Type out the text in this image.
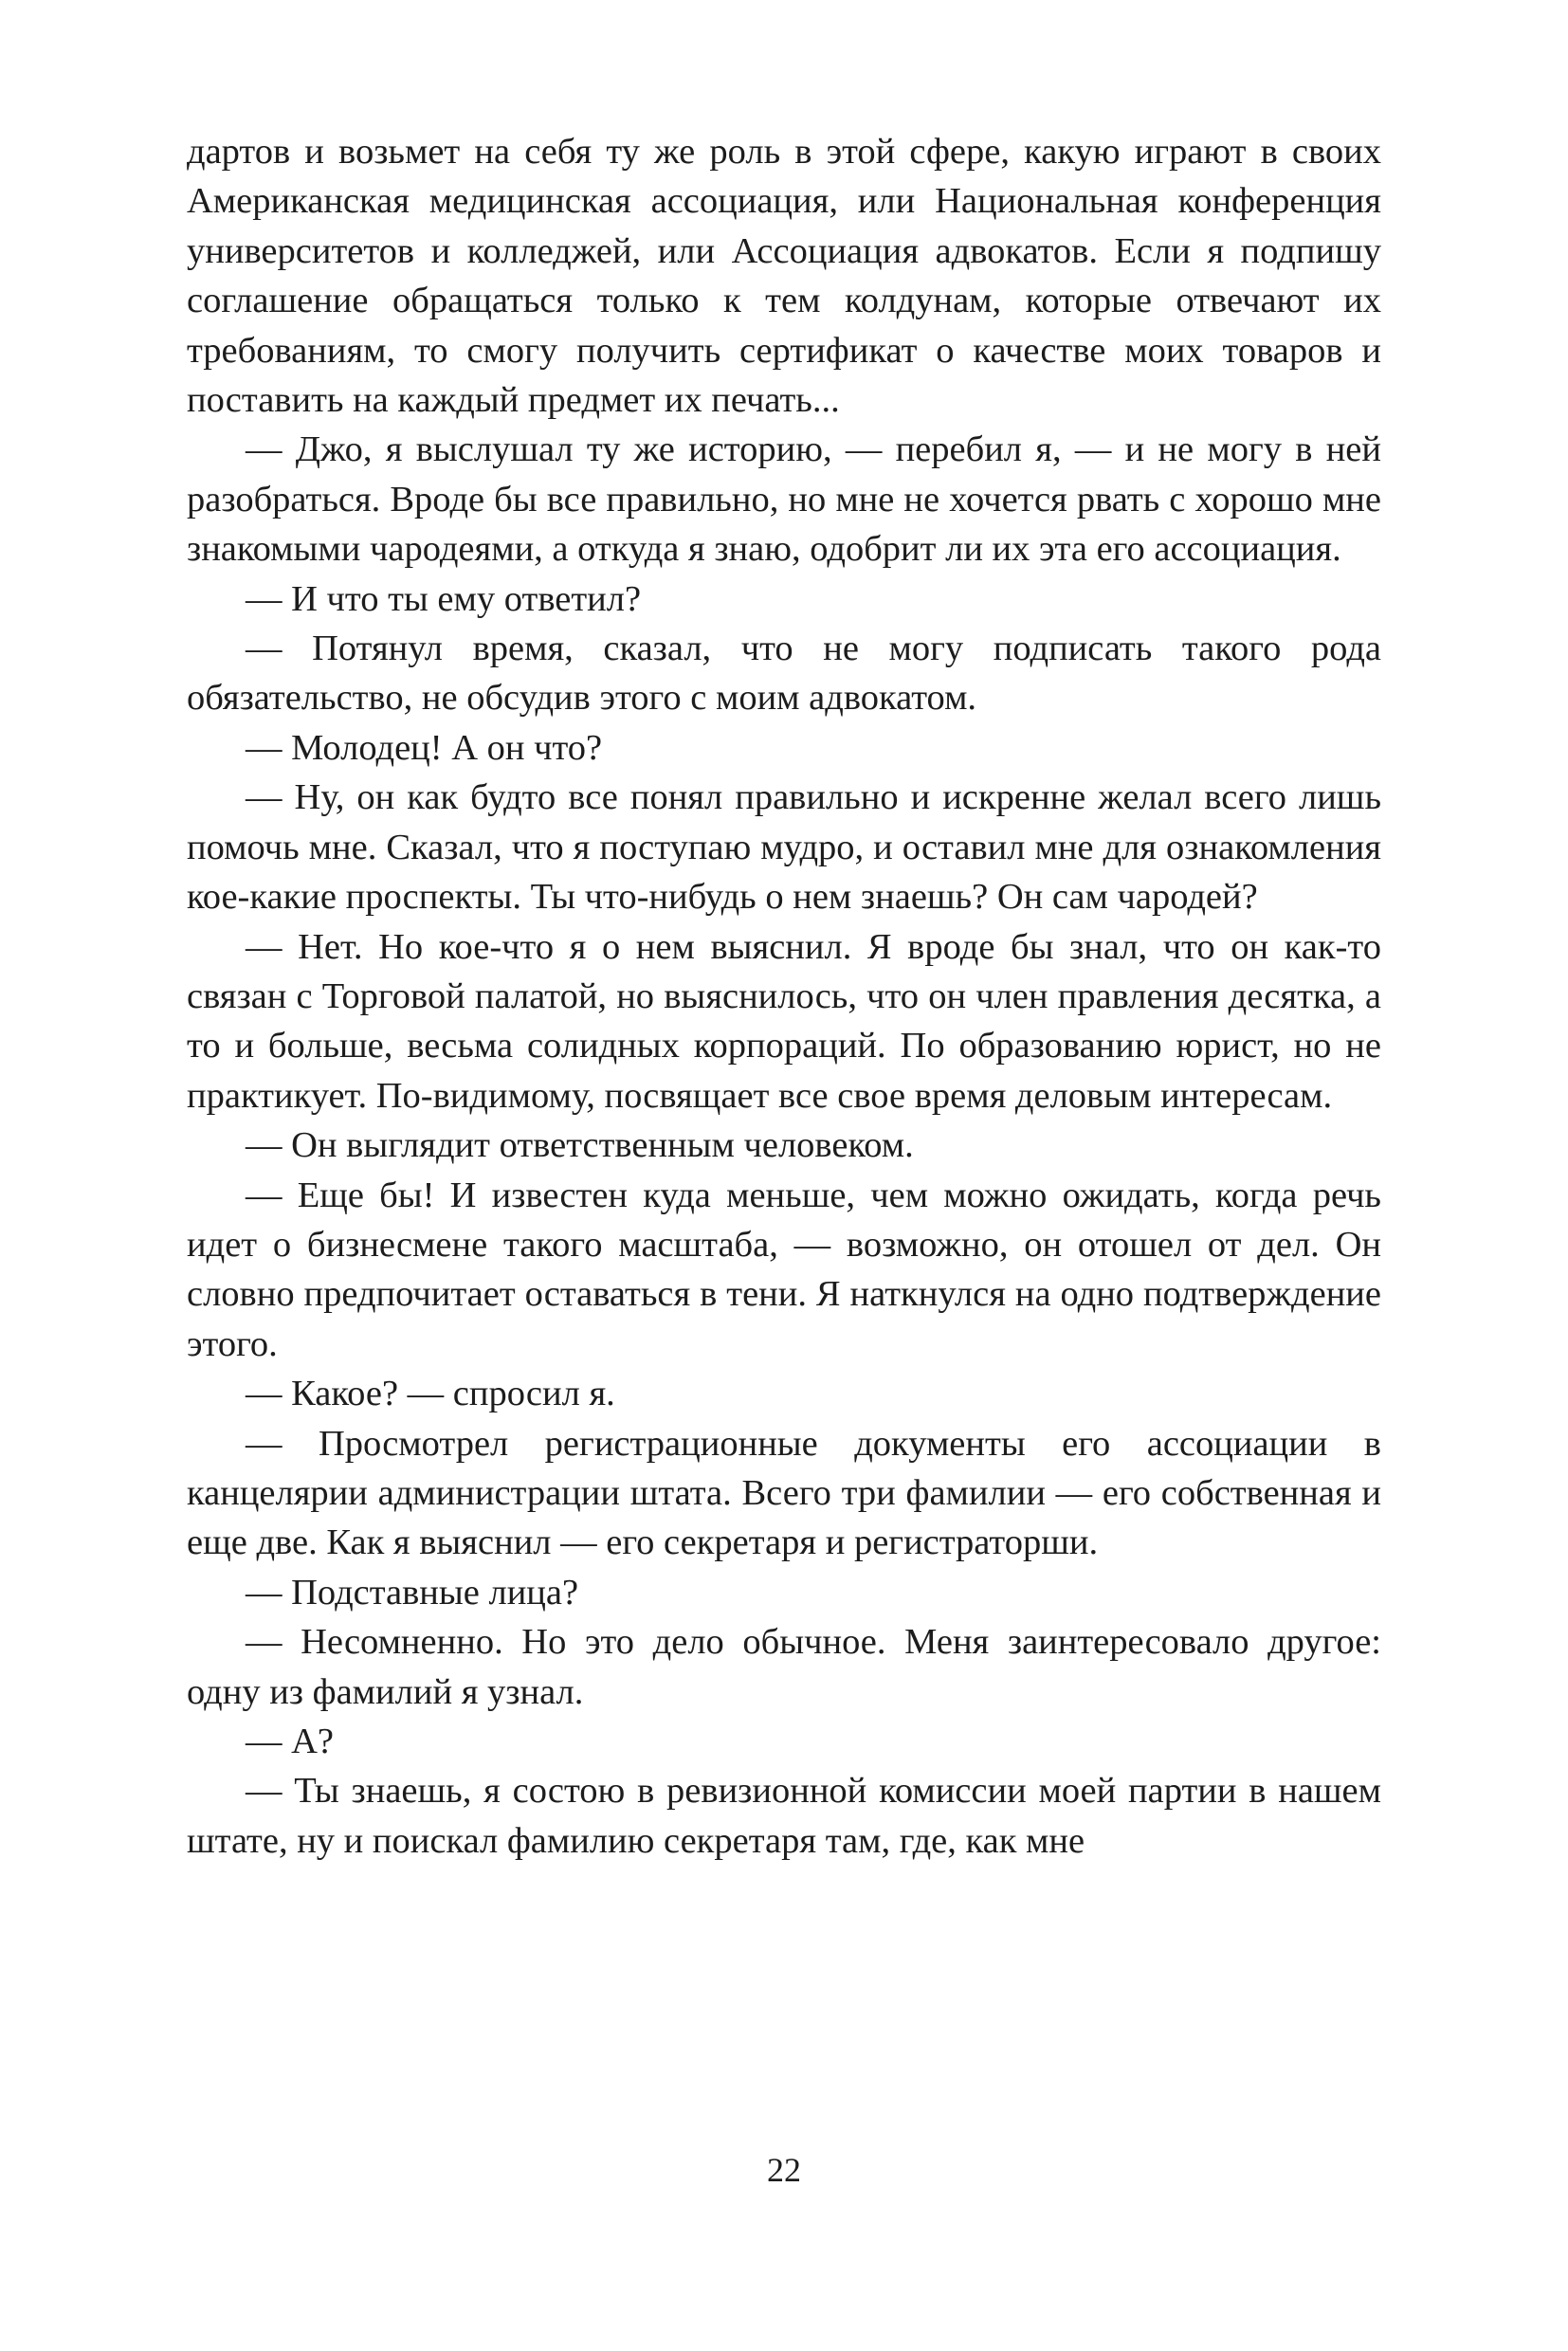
дартов и возьмет на себя ту же роль в этой сфере, какую играют в своих Американская медицинская ассоциация, или Национальная конференция университетов и колледжей, или Ассоциация адвокатов. Если я подпишу соглашение обращаться только к тем колдунам, которые отвечают их требованиям, то смогу получить сертификат о качестве моих товаров и поставить на каждый предмет их печать...

— Джо, я выслушал ту же историю, — перебил я, — и не могу в ней разобраться. Вроде бы все правильно, но мне не хочется рвать с хорошо мне знакомыми чародеями, а откуда я знаю, одобрит ли их эта его ассоциация.

— И что ты ему ответил?

— Потянул время, сказал, что не могу подписать такого рода обязательство, не обсудив этого с моим адвокатом.

— Молодец! А он что?

— Ну, он как будто все понял правильно и искренне желал всего лишь помочь мне. Сказал, что я поступаю мудро, и оставил мне для ознакомления кое-какие проспекты. Ты что-нибудь о нем знаешь? Он сам чародей?

— Нет. Но кое-что я о нем выяснил. Я вроде бы знал, что он как-то связан с Торговой палатой, но выяснилось, что он член правления десятка, а то и больше, весьма солидных корпораций. По образованию юрист, но не практикует. По-видимому, посвящает все свое время деловым интересам.

— Он выглядит ответственным человеком.

— Еще бы! И известен куда меньше, чем можно ожидать, когда речь идет о бизнесмене такого масштаба, — возможно, он отошел от дел. Он словно предпочитает оставаться в тени. Я наткнулся на одно подтверждение этого.

— Какое? — спросил я.

— Просмотрел регистрационные документы его ассоциации в канцелярии администрации штата. Всего три фамилии — его собственная и еще две. Как я выяснил — его секретаря и регистраторши.

— Подставные лица?

— Несомненно. Но это дело обычное. Меня заинтересовало другое: одну из фамилий я узнал.

— А?

— Ты знаешь, я состою в ревизионной комиссии моей партии в нашем штате, ну и поискал фамилию секретаря там, где, как мне

22
